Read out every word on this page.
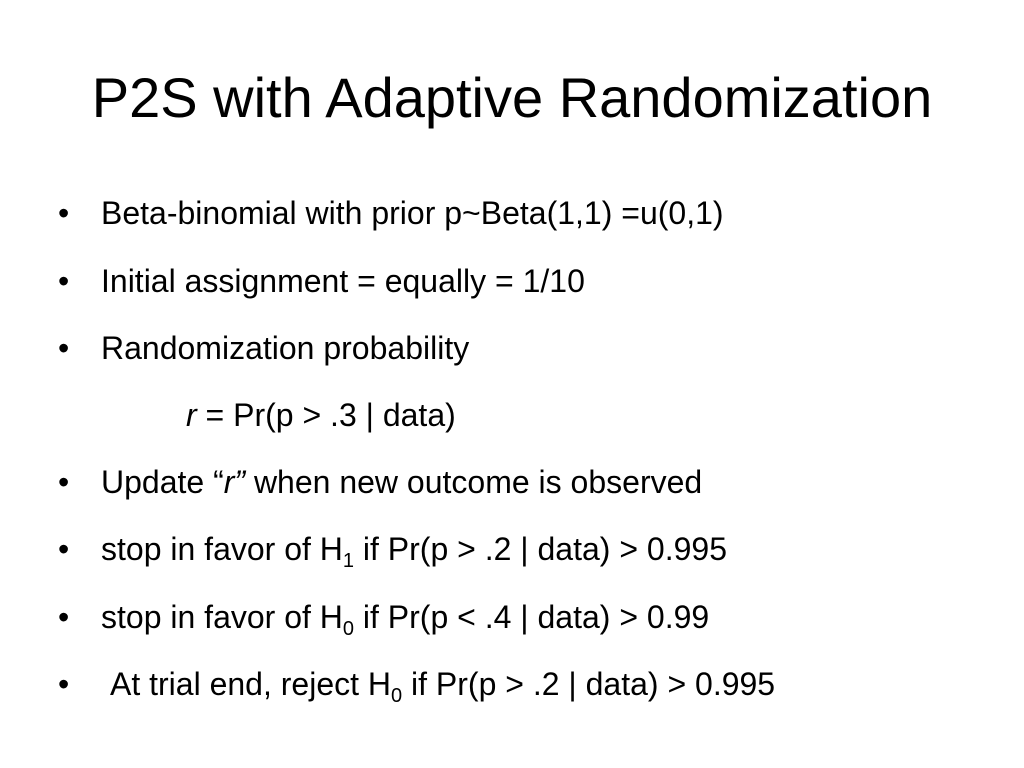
P2S with Adaptive Randomization
• Beta-binomial with prior p~Beta(1,1) =u(0,1)
• Initial assignment = equally = 1/10
• Randomization probability
r = Pr(p > .3 | data)
• Update “r” when new outcome is observed
• stop in favor of $H_1$ if Pr(p > .2 | data) > 0.995
• stop in favor of $H_0$ if Pr(p < .4 | data) > 0.99
• At trial end, reject $H_0$ if Pr(p > .2 | data) > 0.995
